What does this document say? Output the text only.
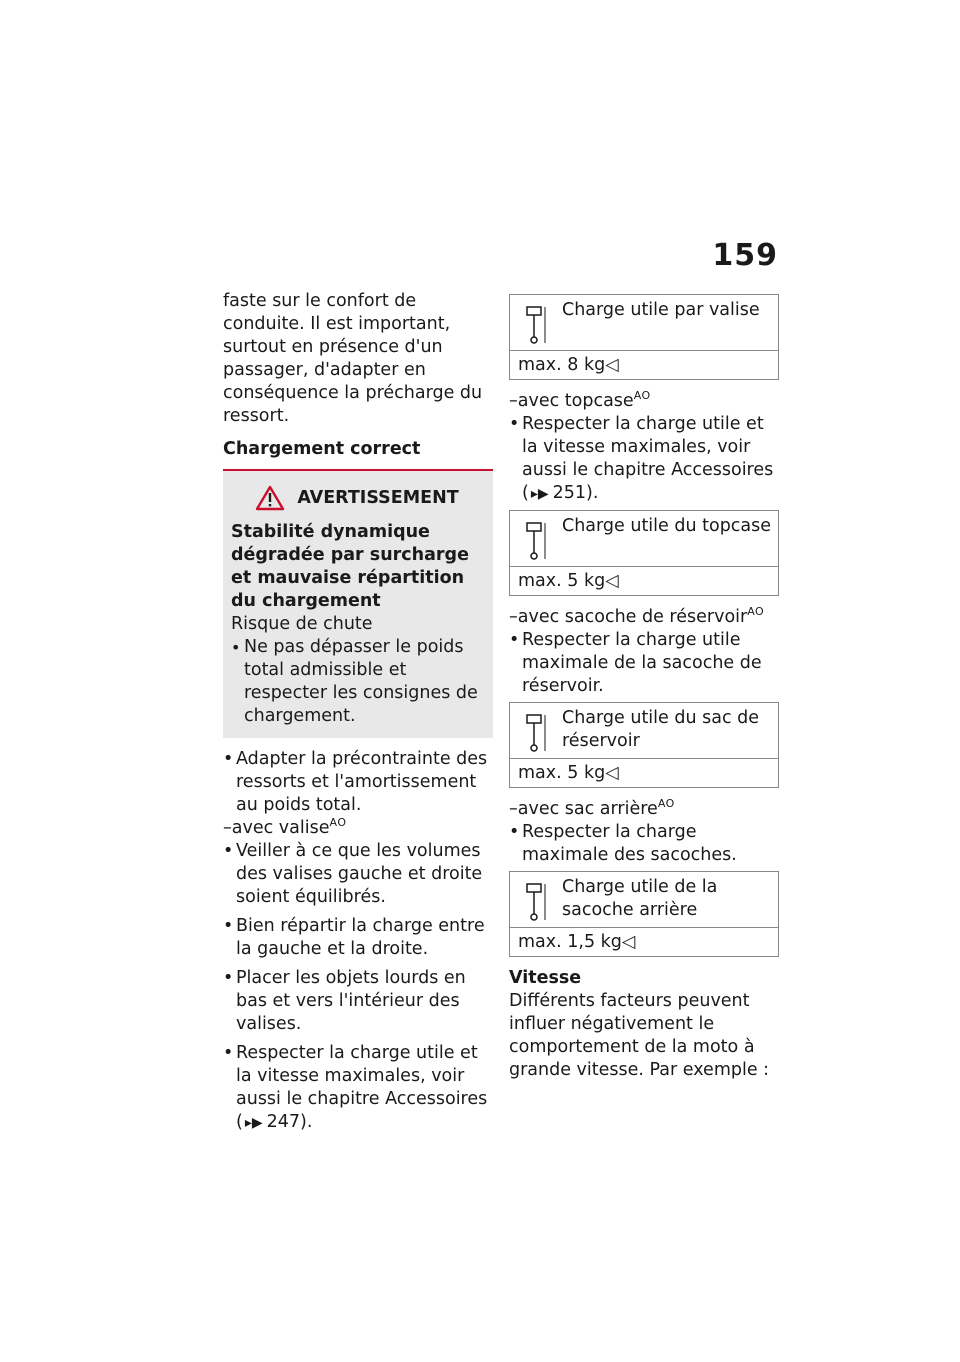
159

faste sur le confort de conduite. Il est important, surtout en présence d'un passager, d'adapter en conséquence la précharge du ressort.

Chargement correct

AVERTISSEMENT

Stabilité dynamique dégradée par surcharge et mauvaise répartition du chargement

Risque de chute

• Ne pas dépasser le poids total admissible et respecter les consignes de chargement.

• Adapter la précontrainte des ressorts et l'amortissement au poids total.

–avec valise$^{AO}$

• Veiller à ce que les volumes des valises gauche et droite soient équilibrés.

• Bien répartir la charge entre la gauche et la droite.

• Placer les objets lourds en bas et vers l'intérieur des valises.

• Respecter la charge utile et la vitesse maximales, voir aussi le chapitre Accessoires
( ▸▶ 247).

Charge utile par valise
max. 8 kg◁

–avec topcase$^{AO}$

• Respecter la charge utile et la vitesse maximales, voir aussi le chapitre Accessoires
( ▸▶ 251).

Charge utile du topcase
max. 5 kg◁

–avec sacoche de réservoir$^{AO}$

• Respecter la charge utile maximale de la sacoche de réservoir.

Charge utile du sac de réservoir
max. 5 kg◁

–avec sac arrière$^{AO}$

• Respecter la charge maximale des sacoches.

Charge utile de la sacoche arrière
max. 1,5 kg◁

Vitesse

Différents facteurs peuvent influer négativement le comportement de la moto à grande vitesse. Par exemple :
